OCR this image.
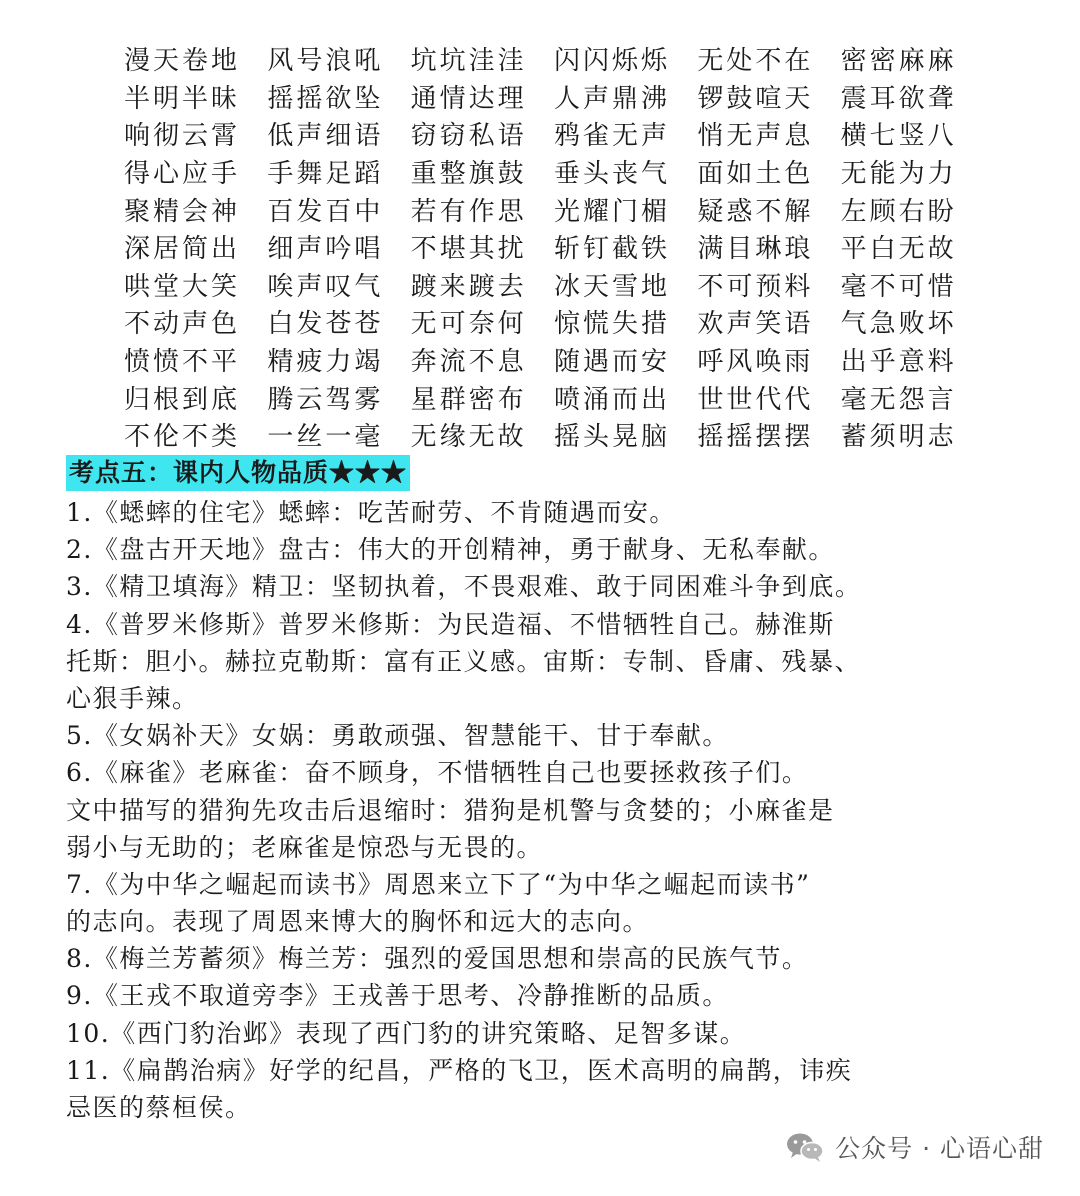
漫天卷地	风号浪吼	坑坑洼洼	闪闪烁烁	无处不在	密密麻麻
半明半昧	摇摇欲坠	通情达理	人声鼎沸	锣鼓喧天	震耳欲聋
响彻云霄	低声细语	窃窃私语	鸦雀无声	悄无声息	横七竖八
得心应手	手舞足蹈	重整旗鼓	垂头丧气	面如土色	无能为力
聚精会神	百发百中	若有作思	光耀门楣	疑惑不解	左顾右盼
深居简出	细声吟唱	不堪其扰	斩钉截铁	满目琳琅	平白无故
哄堂大笑	唉声叹气	踱来踱去	冰天雪地	不可预料	毫不可惜
不动声色	白发苍苍	无可奈何	惊慌失措	欢声笑语	气急败坏
愤愤不平	精疲力竭	奔流不息	随遇而安	呼风唤雨	出乎意料
归根到底	腾云驾雾	星群密布	喷涌而出	世世代代	毫无怨言
不伦不类	一丝一毫	无缘无故	摇头晃脑	摇摇摆摆	蓄须明志
考点五：课内人物品质★★★
1.《蟋蟀的住宅》蟋蟀：吃苦耐劳、不肯随遇而安。
2.《盘古开天地》盘古：伟大的开创精神，勇于献身、无私奉献。
3.《精卫填海》精卫：坚韧执着，不畏艰难、敢于同困难斗争到底。
4.《普罗米修斯》普罗米修斯：为民造福、不惜牺牲自己。赫淮斯
托斯：胆小。赫拉克勒斯：富有正义感。宙斯：专制、昏庸、残暴、
心狠手辣。
5.《女娲补天》女娲：勇敢顽强、智慧能干、甘于奉献。
6.《麻雀》老麻雀：奋不顾身，不惜牺牲自己也要拯救孩子们。
文中描写的猎狗先攻击后退缩时：猎狗是机警与贪婪的；小麻雀是
弱小与无助的；老麻雀是惊恐与无畏的。
7.《为中华之崛起而读书》周恩来立下了“为中华之崛起而读书”
的志向。表现了周恩来博大的胸怀和远大的志向。
8.《梅兰芳蓄须》梅兰芳：强烈的爱国思想和崇高的民族气节。
9.《王戎不取道旁李》王戎善于思考、冷静推断的品质。
10.《西门豹治邺》表现了西门豹的讲究策略、足智多谋。
11.《扁鹊治病》好学的纪昌，严格的飞卫，医术高明的扁鹊，讳疾
忌医的蔡桓侯。
公众号 · 心语心甜
